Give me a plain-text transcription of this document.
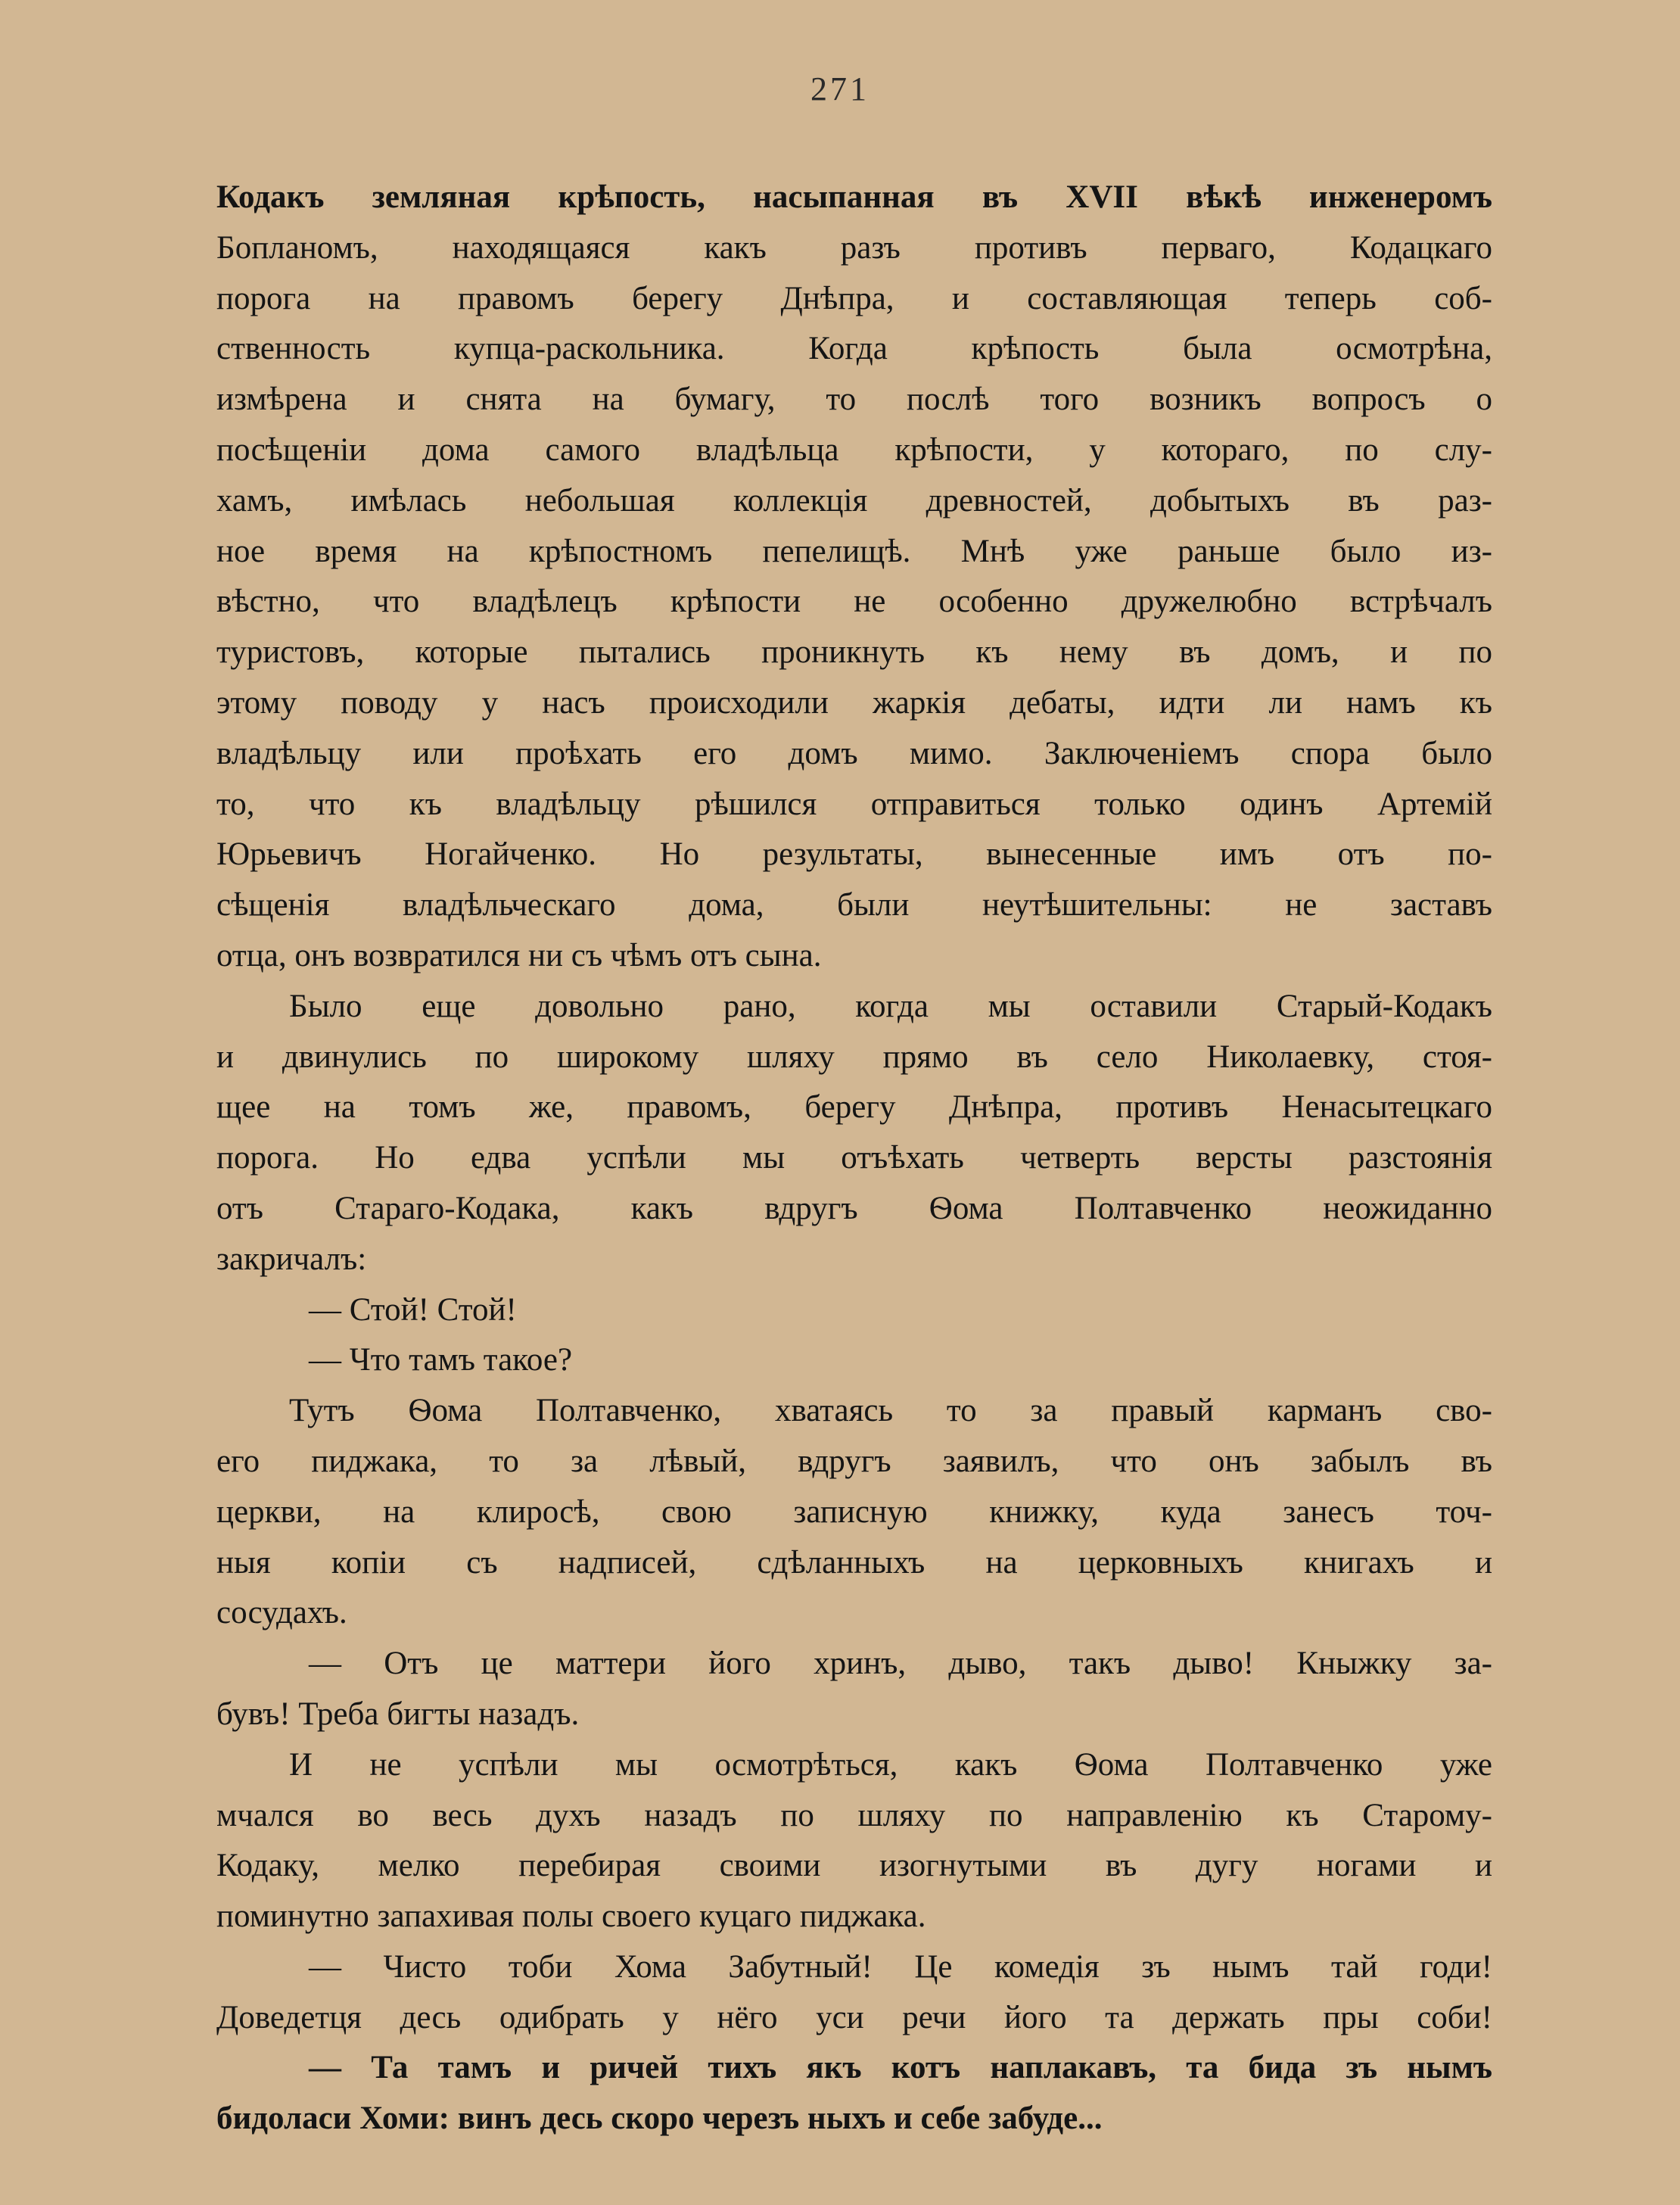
271
Кодакъ земляная крѣпость, насыпанная въ XVII вѣкѣ инженеромъ
Бопланомъ, находящаяся какъ разъ противъ перваго, Кодацкаго
порога на правомъ берегу Днѣпра, и составляющая теперь соб-
ственность купца-раскольника. Когда крѣпость была осмотрѣна,
измѣрена и снята на бумагу, то послѣ того возникъ вопросъ о
посѣщеніи дома самого владѣльца крѣпости, у котораго, по слу-
хамъ, имѣлась небольшая коллекція древностей, добытыхъ въ раз-
ное время на крѣпостномъ пепелищѣ. Мнѣ уже раньше было из-
вѣстно, что владѣлецъ крѣпости не особенно дружелюбно встрѣчалъ
туристовъ, которые пытались проникнуть къ нему въ домъ, и по
этому поводу у насъ происходили жаркія дебаты, идти ли намъ къ
владѣльцу или проѣхать его домъ мимо. Заключеніемъ спора было
то, что къ владѣльцу рѣшился отправиться только одинъ Артемій
Юрьевичъ Ногайченко. Но результаты, вынесенные имъ отъ по-
сѣщенія владѣльческаго дома, были неутѣшительны: не заставъ
отца, онъ возвратился ни съ чѣмъ отъ сына.
Было еще довольно рано, когда мы оставили Старый-Кодакъ
и двинулись по широкому шляху прямо въ село Николаевку, стоя-
щее на томъ же, правомъ, берегу Днѣпра, противъ Ненасытецкаго
порога. Но едва успѣли мы отъѣхать четверть версты разстоянія
отъ Стараго-Кодака, какъ вдругъ Ѳома Полтавченко неожиданно
закричалъ:
— Стой! Стой!
— Что тамъ такое?
Тутъ Ѳома Полтавченко, хватаясь то за правый карманъ сво-
его пиджака, то за лѣвый, вдругъ заявилъ, что онъ забылъ въ
церкви, на клиросѣ, свою записную книжку, куда занесъ точ-
ныя копіи съ надписей, сдѣланныхъ на церковныхъ книгахъ и
сосудахъ.
— Отъ це маттери його хринъ, дыво, такъ дыво! Кныжку за-
бувъ! Треба бигты назадъ.
И не успѣли мы осмотрѣться, какъ Ѳома Полтавченко уже
мчался во весь духъ назадъ по шляху по направленію къ Старому-
Кодаку, мелко перебирая своими изогнутыми въ дугу ногами и
поминутно запахивая полы своего куцаго пиджака.
— Чисто тоби Хома Забутный! Це комедія зъ нымъ тай годи!
Доведетця десь одибрать у нёго уси речи його та держать пры соби!
— Та тамъ и ричей тихъ якъ котъ наплакавъ, та бида зъ нымъ
бидоласи Хоми: винъ десь скоро черезъ ныхъ и себе забуде...
